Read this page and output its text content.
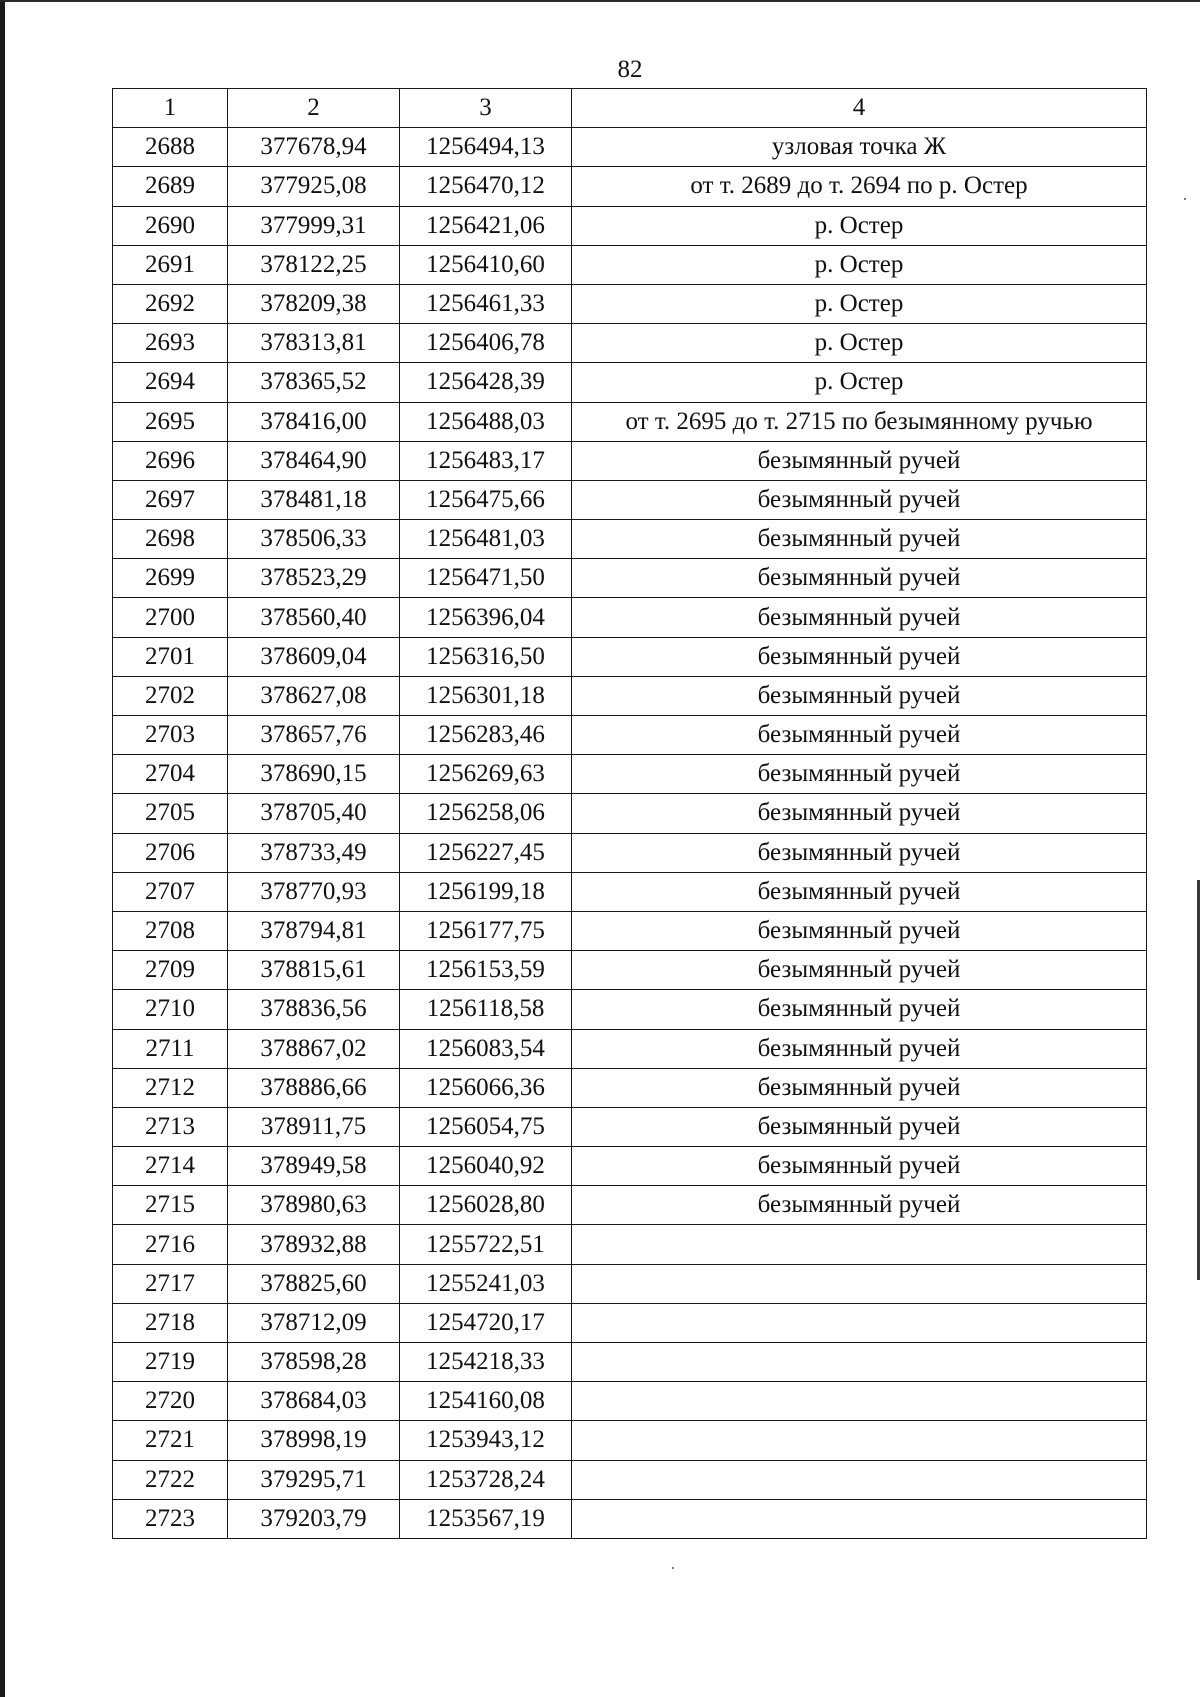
82
1	2	3	4
2688	377678,94	1256494,13	узловая точка Ж
2689	377925,08	1256470,12	от т. 2689 до т. 2694 по р. Остер
2690	377999,31	1256421,06	р. Остер
2691	378122,25	1256410,60	р. Остер
2692	378209,38	1256461,33	р. Остер
2693	378313,81	1256406,78	р. Остер
2694	378365,52	1256428,39	р. Остер
2695	378416,00	1256488,03	от т. 2695 до т. 2715 по безымянному ручью
2696	378464,90	1256483,17	безымянный ручей
2697	378481,18	1256475,66	безымянный ручей
2698	378506,33	1256481,03	безымянный ручей
2699	378523,29	1256471,50	безымянный ручей
2700	378560,40	1256396,04	безымянный ручей
2701	378609,04	1256316,50	безымянный ручей
2702	378627,08	1256301,18	безымянный ручей
2703	378657,76	1256283,46	безымянный ручей
2704	378690,15	1256269,63	безымянный ручей
2705	378705,40	1256258,06	безымянный ручей
2706	378733,49	1256227,45	безымянный ручей
2707	378770,93	1256199,18	безымянный ручей
2708	378794,81	1256177,75	безымянный ручей
2709	378815,61	1256153,59	безымянный ручей
2710	378836,56	1256118,58	безымянный ручей
2711	378867,02	1256083,54	безымянный ручей
2712	378886,66	1256066,36	безымянный ручей
2713	378911,75	1256054,75	безымянный ручей
2714	378949,58	1256040,92	безымянный ручей
2715	378980,63	1256028,80	безымянный ручей
2716	378932,88	1255722,51	
2717	378825,60	1255241,03	
2718	378712,09	1254720,17	
2719	378598,28	1254218,33	
2720	378684,03	1254160,08	
2721	378998,19	1253943,12	
2722	379295,71	1253728,24	
2723	379203,79	1253567,19	
